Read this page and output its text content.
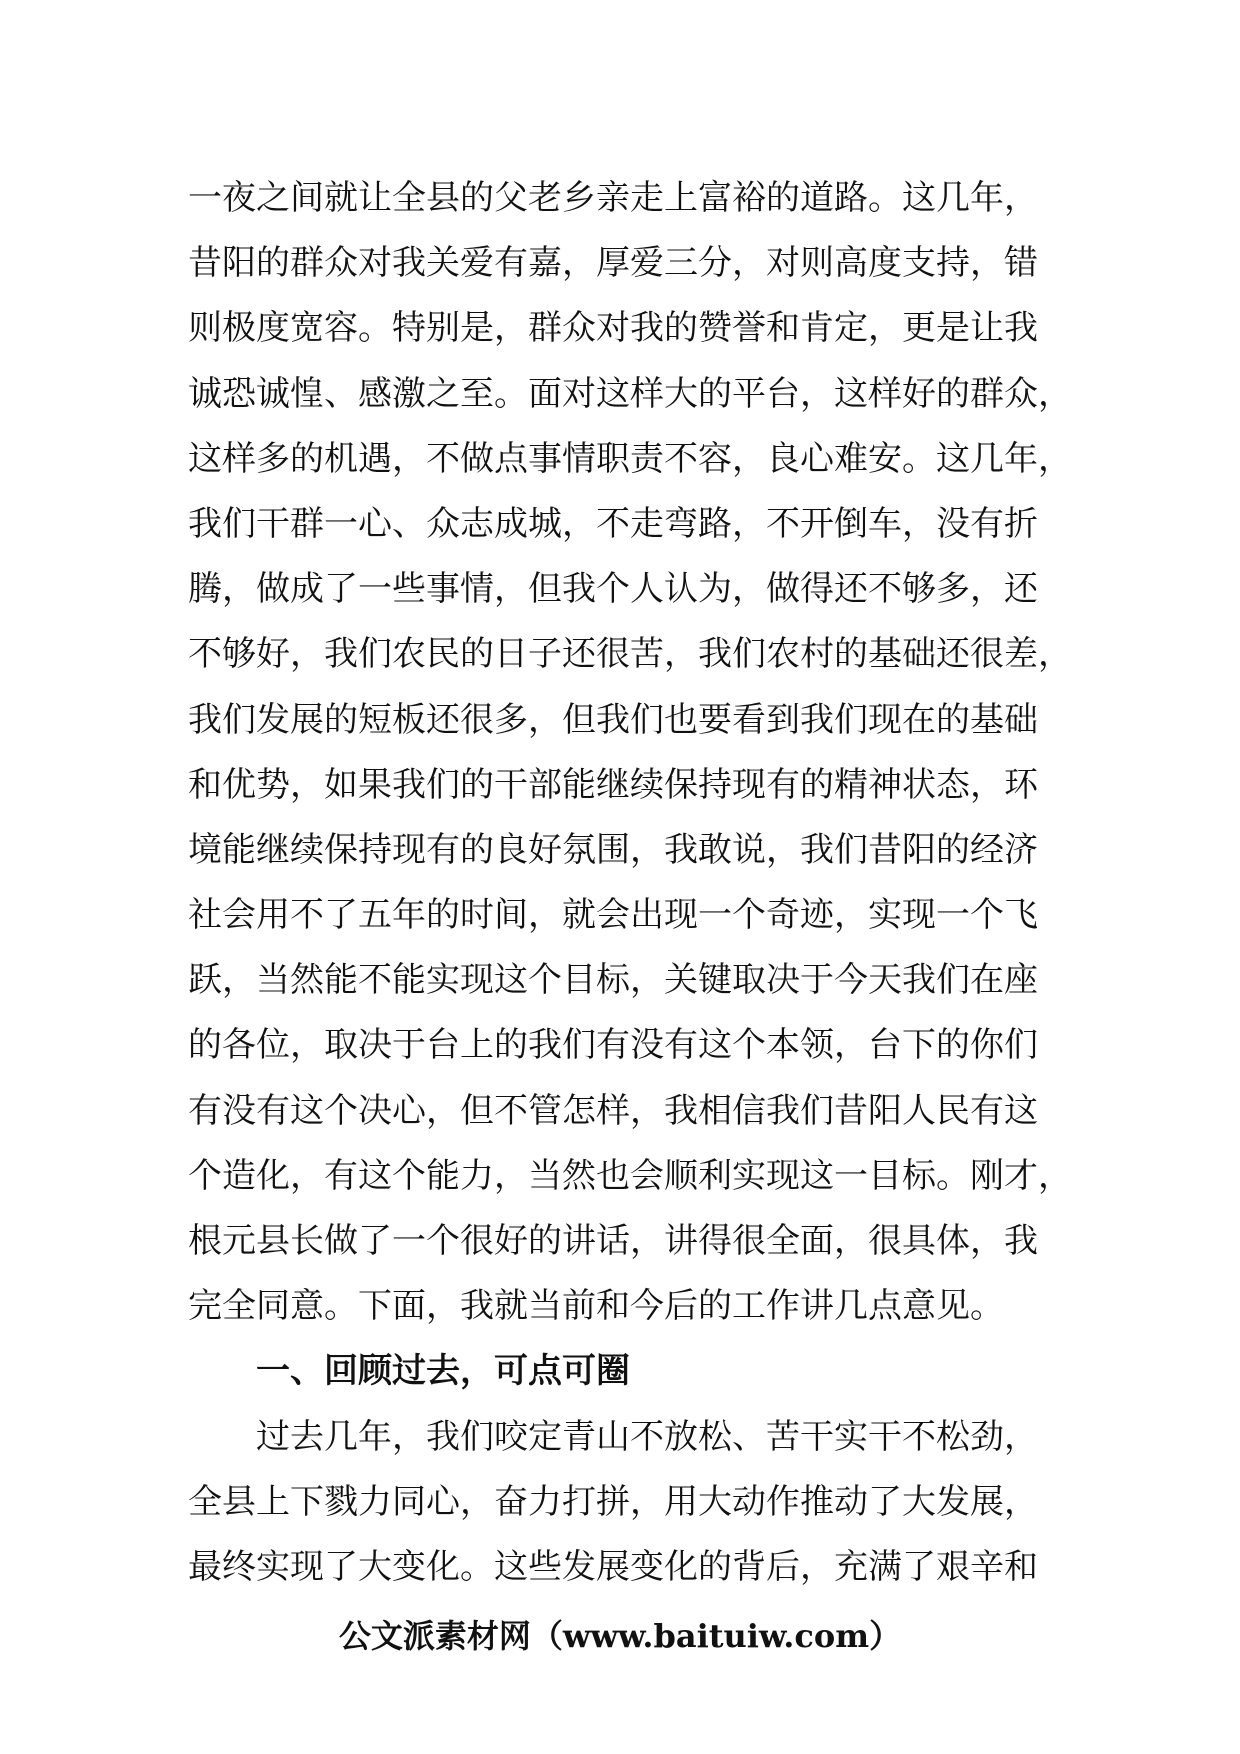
一夜之间就让全县的父老乡亲走上富裕的道路。这几年，
昔阳的群众对我关爱有嘉，厚爱三分，对则高度支持，错
则极度宽容。特别是，群众对我的赞誉和肯定，更是让我
诚恐诚惶、感激之至。面对这样大的平台，这样好的群众，
这样多的机遇，不做点事情职责不容，良心难安。这几年，
我们干群一心、众志成城，不走弯路，不开倒车，没有折
腾，做成了一些事情，但我个人认为，做得还不够多，还
不够好，我们农民的日子还很苦，我们农村的基础还很差，
我们发展的短板还很多，但我们也要看到我们现在的基础
和优势，如果我们的干部能继续保持现有的精神状态，环
境能继续保持现有的良好氛围，我敢说，我们昔阳的经济
社会用不了五年的时间，就会出现一个奇迹，实现一个飞
跃，当然能不能实现这个目标，关键取决于今天我们在座
的各位，取决于台上的我们有没有这个本领，台下的你们
有没有这个决心，但不管怎样，我相信我们昔阳人民有这
个造化，有这个能力，当然也会顺利实现这一目标。刚才，
根元县长做了一个很好的讲话，讲得很全面，很具体，我
完全同意。下面，我就当前和今后的工作讲几点意见。
一、回顾过去，可点可圈
过去几年，我们咬定青山不放松、苦干实干不松劲，
全县上下戮力同心，奋力打拼，用大动作推动了大发展，
最终实现了大变化。这些发展变化的背后，充满了艰辛和
公文派素材网（www.baituiw.com）
